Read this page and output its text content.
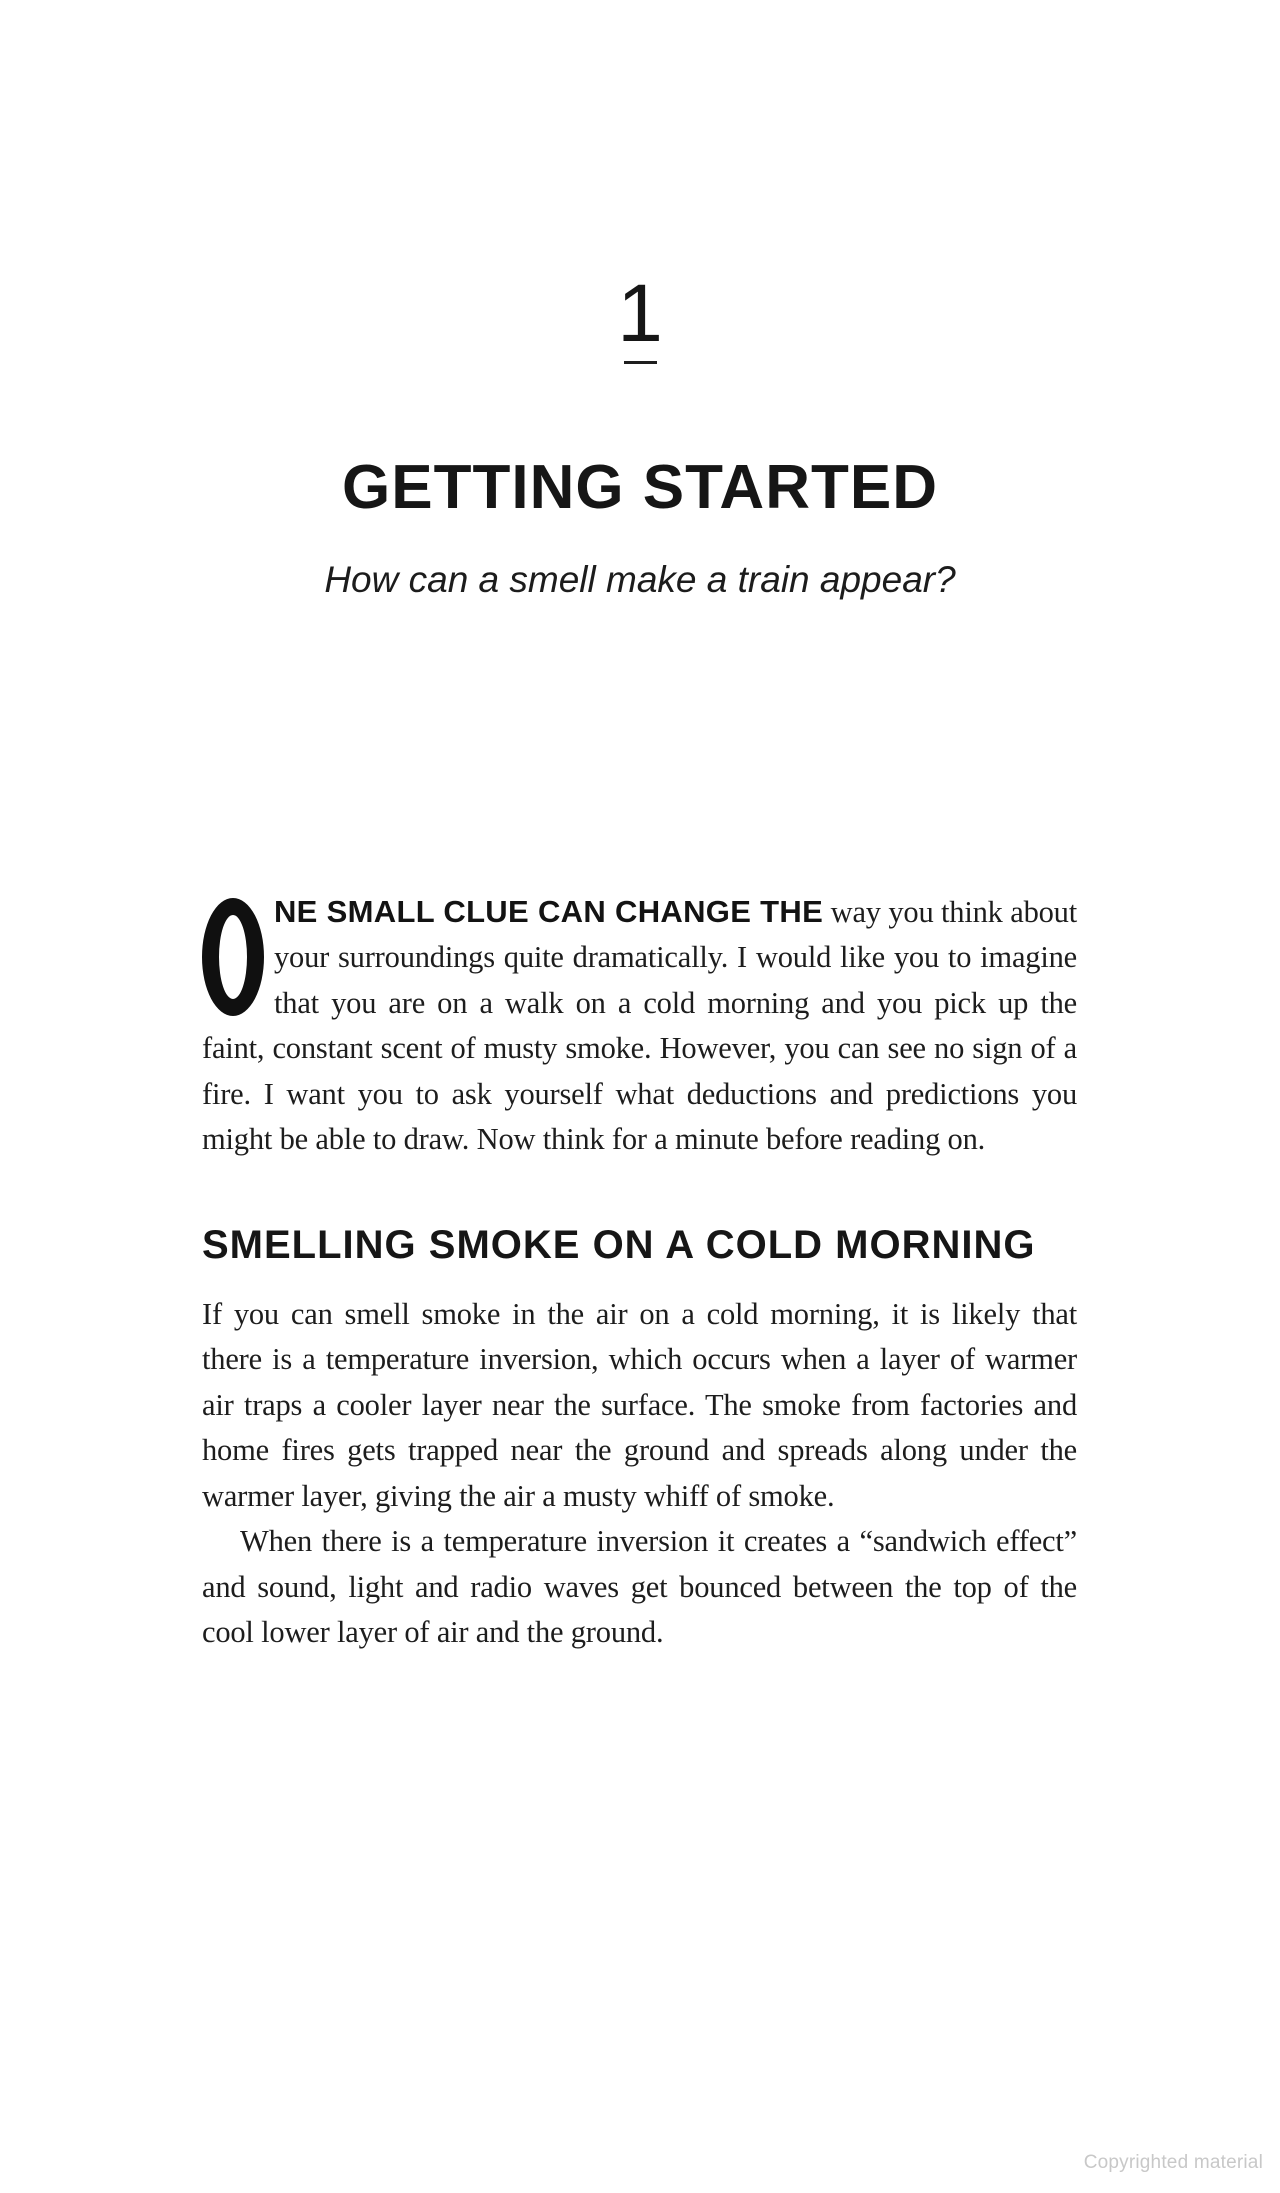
1
GETTING STARTED
How can a smell make a train appear?

NE SMALL CLUE CAN CHANGE THE way you think about your surroundings quite dramatically. I would like you to imagine that you are on a walk on a cold morning and you pick up the faint, constant scent of musty smoke. However, you can see no sign of a fire. I want you to ask yourself what deductions and predictions you might be able to draw. Now think for a minute before reading on.

SMELLING SMOKE ON A COLD MORNING

If you can smell smoke in the air on a cold morning, it is likely that there is a temperature inversion, which occurs when a layer of warmer air traps a cooler layer near the surface. The smoke from factories and home fires gets trapped near the ground and spreads along under the warmer layer, giving the air a musty whiff of smoke.

When there is a temperature inversion it creates a “sandwich effect” and sound, light and radio waves get bounced between the top of the cool lower layer of air and the ground.

Copyrighted material
